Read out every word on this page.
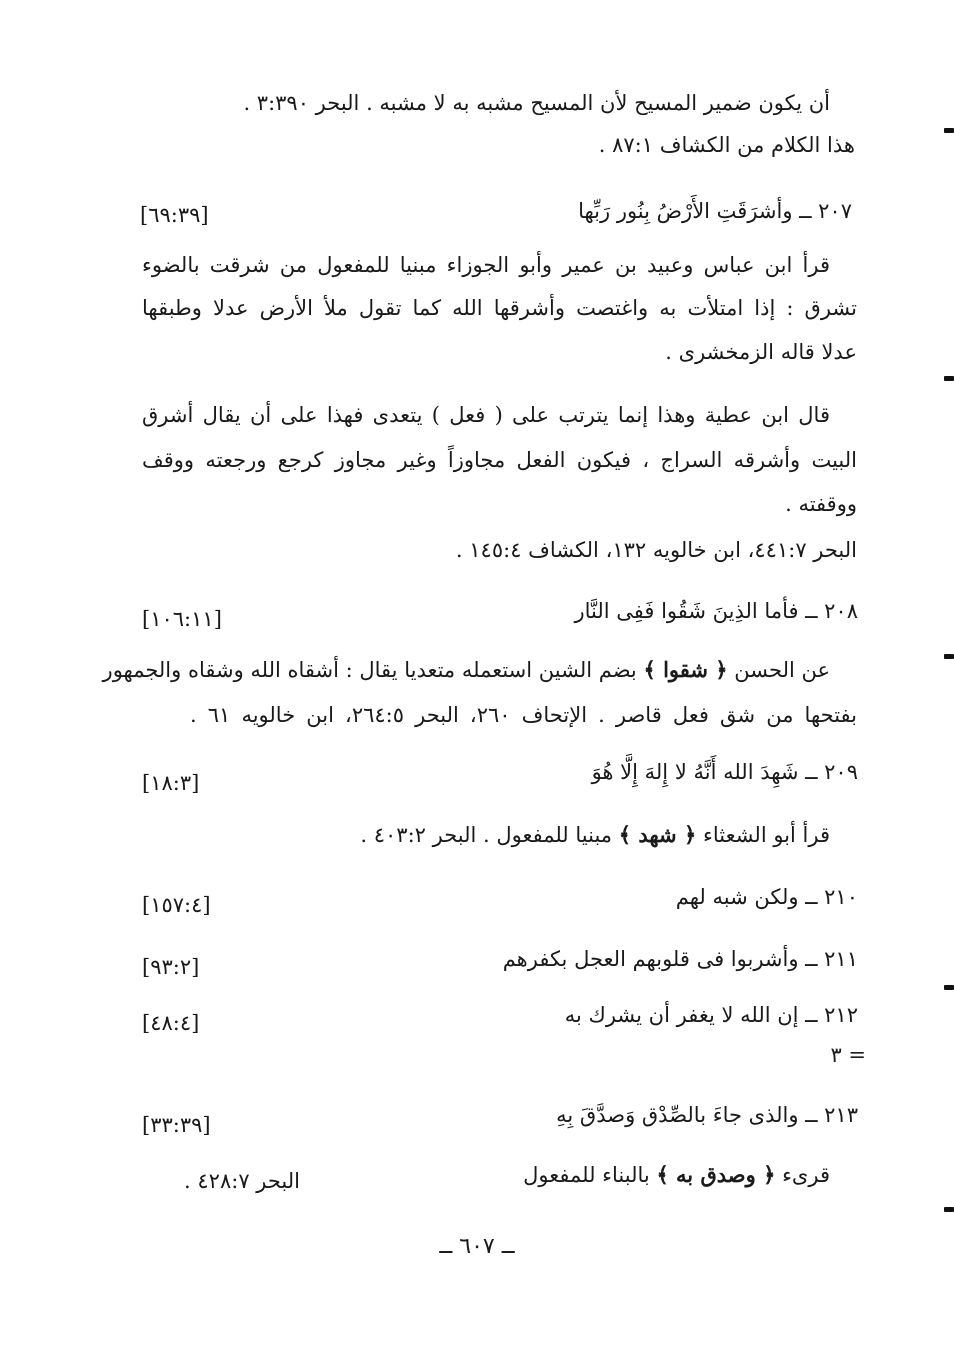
أن يكون ضمير المسيح لأن المسيح مشبه به لا مشبه . البحر ٣:٣٩٠ .
هذا الكلام من الكشاف ٨٧:١ .
٢٠٧ ــ وأشرَقَتِ الأَرْضُ بِنُور رَبِّها
[٦٩:٣٩]
قرأ ابن عباس وعبيد بن عمير وأبو الجوزاء مبنيا للمفعول من شرقت بالضوء
تشرق : إذا امتلأت به واغتصت وأشرقها الله كما تقول ملأ الأرض عدلا وطبقها
عدلا قاله الزمخشرى .
قال ابن عطية وهذا إنما يترتب على ( فعل ) يتعدى فهذا على أن يقال أشرق
البيت وأشرقه السراج ، فيكون الفعل مجاوزاً وغير مجاوز كرجع ورجعته ووقف
ووقفته .
البحر ٤٤١:٧، ابن خالويه ١٣٢، الكشاف ١٤٥:٤ .
٢٠٨ ــ فأما الذِينَ شَقُوا فَفِى النَّار
[١٠٦:١١]
عن الحسن ﴿ شقوا ﴾ بضم الشين استعمله متعديا يقال : أشقاه الله وشقاه والجمهور
بفتحها من شق فعل قاصر . الإتحاف ٢٦٠، البحر ٢٦٤:٥، ابن خالويه ٦١ .
٢٠٩ ــ شَهِدَ الله أَنَّهُ لا إِلهَ إِلَّا هُوَ
[١٨:٣]
قرأ أبو الشعثاء ﴿ شهد ﴾ مبنيا للمفعول . البحر ٤٠٣:٢ .
٢١٠ ــ ولكن شبه لهم
[١٥٧:٤]
٢١١ ــ وأشربوا فى قلوبهم العجل بكفرهم
[٩٣:٢]
٢١٢ ــ إن الله لا يغفر أن يشرك به
[٤٨:٤]
= ٣
٢١٣ ــ والذى جاءَ بالصِّدْق وَصدَّقَ بِهِ
[٣٣:٣٩]
قرىء ﴿ وصدق به ﴾ بالبناء للمفعول
البحر ٤٢٨:٧ .
ــ ٦٠٧ ــ
